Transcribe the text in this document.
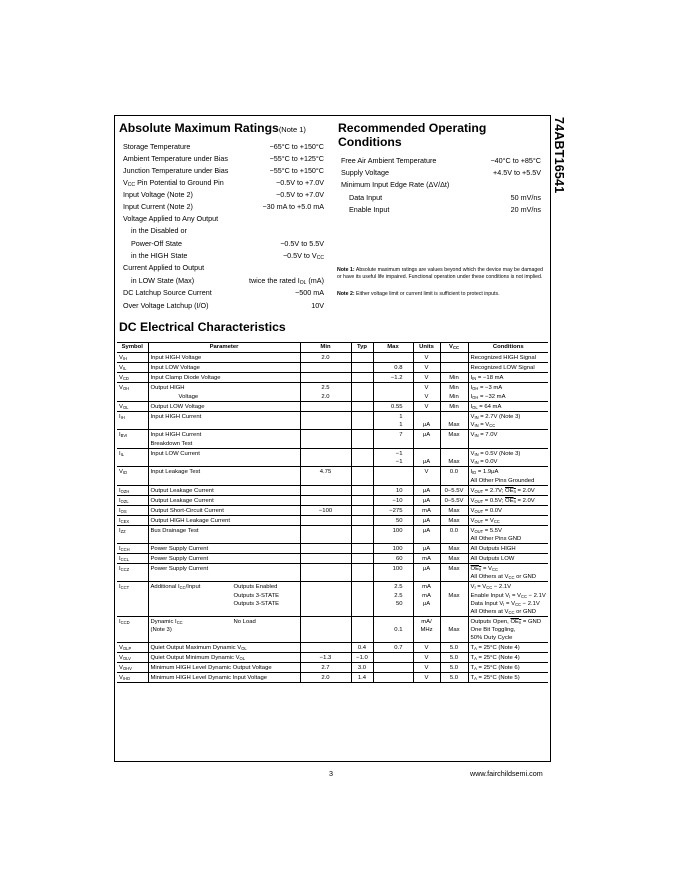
74ABT16541
Absolute Maximum Ratings(Note 1)
Storage Temperature	−65°C to +150°C
Ambient Temperature under Bias	−55°C to +125°C
Junction Temperature under Bias	−55°C to +150°C
$V_{CC}$ Pin Potential to Ground Pin	−0.5V to +7.0V
Input Voltage (Note 2)	−0.5V to +7.0V
Input Current (Note 2)	−30 mA to +5.0 mA
Voltage Applied to Any Output
in the Disabled or
Power-Off State	−0.5V to 5.5V
in the HIGH State	−0.5V to $V_{CC}$
Current Applied to Output
in LOW State (Max)	twice the rated $I_{OL}$ (mA)
DC Latchup Source Current	−500 mA
Over Voltage Latchup (I/O)	10V
Recommended Operating
Conditions
Free Air Ambient Temperature	−40°C to +85°C
Supply Voltage	+4.5V to +5.5V
Minimum Input Edge Rate (ΔV/Δt)
Data Input	50 mV/ns
Enable Input	20 mV/ns
Note 1: Absolute maximum ratings are values beyond which the device may be damaged or have its useful life impaired. Functional operation under these conditions is not implied.
Note 2: Either voltage limit or current limit is sufficient to protect inputs.
DC Electrical Characteristics
Symbol	Parameter	Min	Typ	Max	Units	$V_{CC}$	Conditions
$V_{IH}$	Input HIGH Voltage	2.0			V		Recognized HIGH Signal
$V_{IL}$	Input LOW Voltage			0.8	V		Recognized LOW Signal
$V_{CD}$	Input Clamp Diode Voltage			−1.2	V	Min	$I_{IN} = -18$ mA
$V_{OH}$	Output HIGH	2.5			V	Min	$I_{OH} = -3$ mA
	Voltage	2.0			V	Min	$I_{OH} = -32$ mA
$V_{OL}$	Output LOW Voltage			0.55	V	Min	$I_{OL} = 64$ mA
$I_{IH}$	Input HIGH Current			1			$V_{IN} = 2.7V$ (Note 3)
				1	μA	Max	$V_{IN} = V_{CC}$
$I_{BVI}$	Input HIGH Current			7	μA	Max	$V_{IN} = 7.0V$
	Breakdown Test						
$I_{IL}$	Input LOW Current			−1			$V_{IN} = 0.5V$ (Note 3)
				−1	μA	Max	$V_{IN} = 0.0V$
$V_{ID}$	Input Leakage Test	4.75			V	0.0	$I_{ID} = 1.9\mu A$
							All Other Pins Grounded
$I_{OZH}$	Output Leakage Current			10	μA	0−5.5V	$V_{OUT} = 2.7V$; $OE_n = 2.0V$
$I_{OZL}$	Output Leakage Current			−10	μA	0−5.5V	$V_{OUT} = 0.5V$; $OE_n = 2.0V$
$I_{OS}$	Output Short-Circuit Current	−100		−275	mA	Max	$V_{OUT} = 0.0V$
$I_{CEX}$	Output HIGH Leakage Current			50	μA	Max	$V_{OUT} = V_{CC}$
$I_{ZZ}$	Bus Drainage Test			100	μA	0.0	$V_{OUT} = 5.5V$
							All Other Pins GND
$I_{CCH}$	Power Supply Current			100	μA	Max	All Outputs HIGH
$I_{CCL}$	Power Supply Current			60	mA	Max	All Outputs LOW
$I_{CCZ}$	Power Supply Current			100	μA	Max	$OE_n = V_{CC}$
							All Others at $V_{CC}$ or GND
$I_{CCT}$	Additional $I_{CC}$/Input Outputs Enabled			2.5	mA		$V_I = V_{CC} - 2.1V$

	Outputs 3-STATE			2.5	mA	Max	Enable Input $V_I = V_{CC} - 2.1V$

	Outputs 3-STATE			50	μA		Data Input $V_I = V_{CC} - 2.1V$
							All Others at $V_{CC}$ or GND
$I_{CCD}$	Dynamic $I_{CC}$ No Load				mA/		Outputs Open, $OE_n$ = GND
	(Note 3)			0.1	MHz	Max	One Bit Toggling,
							50% Duty Cycle
$V_{OLP}$	Quiet Output Maximum Dynamic $V_{OL}$		0.4	0.7	V	5.0	$T_A = 25^\circ C$ (Note 4)
$V_{OLV}$	Quiet Output Minimum Dynamic $V_{OL}$	−1.3	−1.0		V	5.0	$T_A = 25^\circ C$ (Note 4)
$V_{OHV}$	Minimum HIGH Level Dynamic Output Voltage	2.7	3.0		V	5.0	$T_A = 25^\circ C$ (Note 6)
$V_{IHD}$	Minimum HIGH Level Dynamic Input Voltage	2.0	1.4		V	5.0	$T_A = 25^\circ C$ (Note 5)
3	www.fairchildsemi.com
